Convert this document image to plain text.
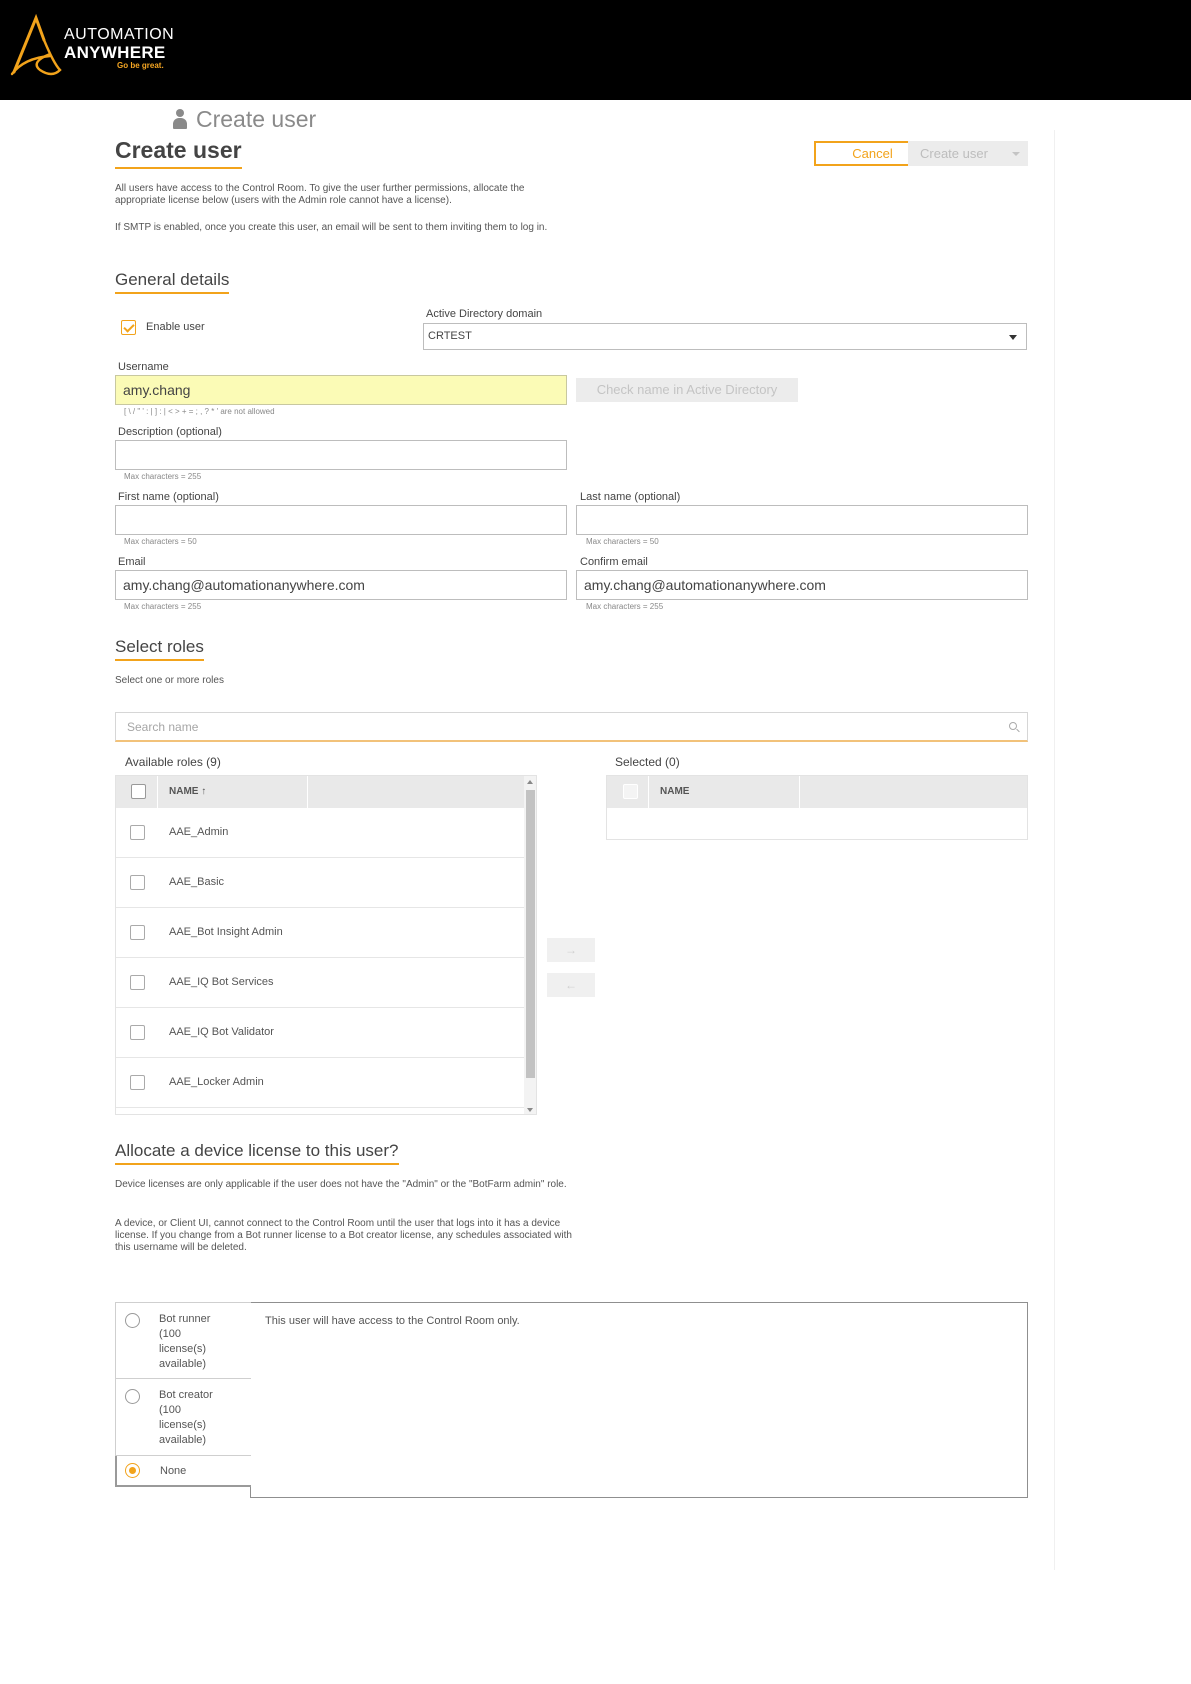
AUTOMATION
ANYWHERE
Go be great.
Create user
Create user	Cancel	Create user
All users have access to the Control Room. To give the user further permissions, allocate the appropriate license below (users with the Admin role cannot have a license).
If SMTP is enabled, once you create this user, an email will be sent to them inviting them to log in.
General details
Enable user
Active Directory domain
CRTEST
Username
amy.chang
[ \ / " ' : | ] : | < > + = ; , ? * ' are not allowed
Check name in Active Directory
Description (optional)
Max characters = 255
First name (optional)
Max characters = 50
Last name (optional)
Max characters = 50
Email
amy.chang@automationanywhere.com
Max characters = 255
Confirm email
amy.chang@automationanywhere.com
Max characters = 255
Select roles
Select one or more roles
Search name
Available roles (9)	Selected (0)
NAME ↑
AAE_Admin
AAE_Basic
AAE_Bot Insight Admin
AAE_IQ Bot Services
AAE_IQ Bot Validator
AAE_Locker Admin
→
←
NAME
Allocate a device license to this user?
Device licenses are only applicable if the user does not have the "Admin" or the "BotFarm admin" role.
A device, or Client UI, cannot connect to the Control Room until the user that logs into it has a device license. If you change from a Bot runner license to a Bot creator license, any schedules associated with this username will be deleted.
This user will have access to the Control Room only.
Bot runner (100 license(s) available)
Bot creator (100 license(s) available)
None
